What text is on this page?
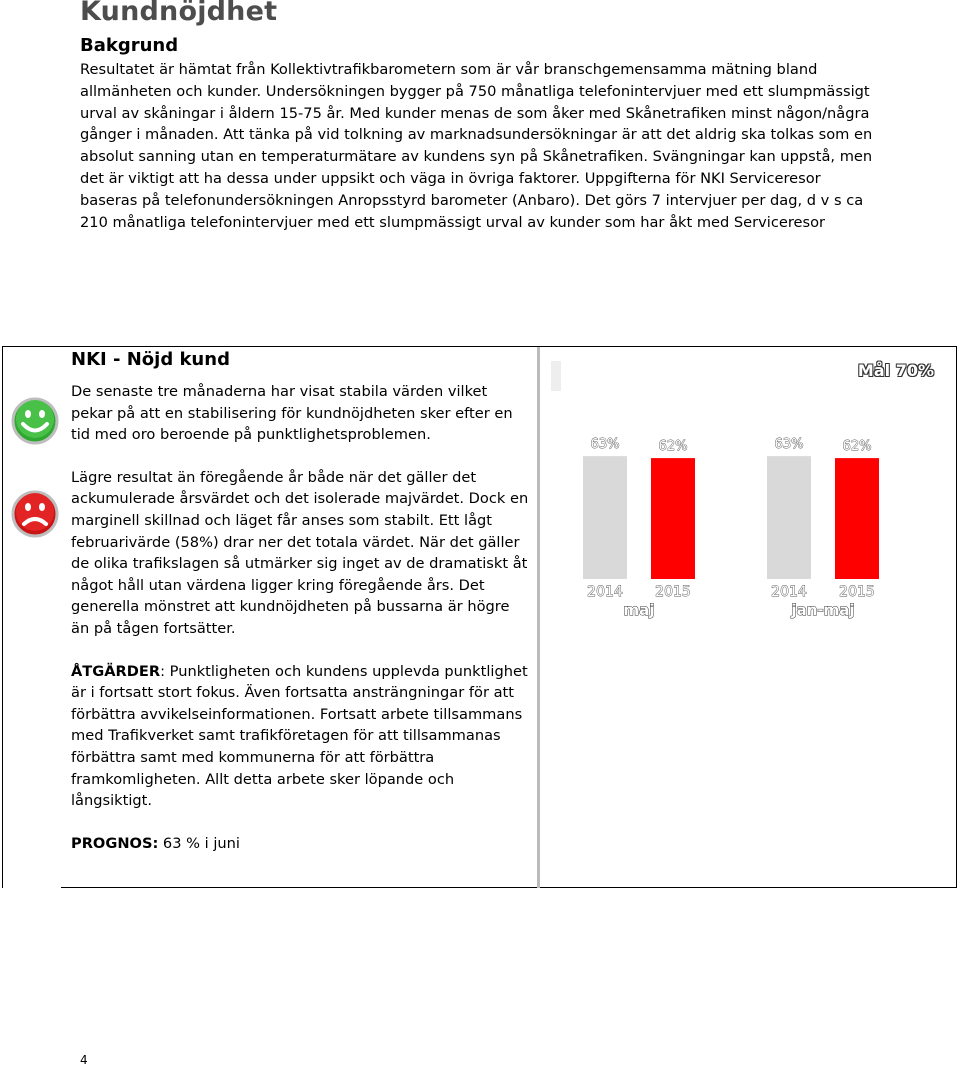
Kundnöjdhet
Bakgrund

Resultatet är hämtat från Kollektivtrafikbarometern som är vår branschgemensamma mätning bland allmänheten och kunder. Undersökningen bygger på 750 månatliga telefonintervjuer med ett slumpmässigt urval av skåningar i åldern 15-75 år. Med kunder menas de som åker med Skånetrafiken minst någon/några gånger i månaden. Att tänka på vid tolkning av marknadsundersökningar är att det aldrig ska tolkas som en absolut sanning utan en temperaturmätare av kundens syn på Skånetrafiken. Svängningar kan uppstå, men det är viktigt att ha dessa under uppsikt och väga in övriga faktorer. Uppgifterna för NKI Serviceresor baseras på telefonundersökningen Anropsstyrd barometer (Anbaro). Det görs 7 intervjuer per dag, d v s ca 210 månatliga telefonintervjuer med ett slumpmässigt urval av kunder som har åkt med Serviceresor

NKI - Nöjd kund

De senaste tre månaderna har visat stabila värden vilket pekar på att en stabilisering för kundnöjdheten sker efter en tid med oro beroende på punktlighetsproblemen.

Lägre resultat än föregående år både när det gäller det ackumulerade årsvärdet och det isolerade majvärdet. Dock en marginell skillnad och läget får anses som stabilt. Ett lågt februarivärde (58%) drar ner det totala värdet. När det gäller de olika trafikslagen så utmärker sig inget av de dramatiskt åt något håll utan värdena ligger kring föregående års. Det generella mönstret att kundnöjdheten på bussarna är högre än på tågen fortsätter.

ÅTGÄRDER: Punktligheten och kundens upplevda punktlighet är i fortsatt stort fokus. Även fortsatta ansträngningar för att förbättra avvikelseinformationen. Fortsatt arbete tillsammans med Trafikverket samt trafikföretagen för att tillsammanas förbättra samt med kommunerna för att förbättra framkomligheten. Allt detta arbete sker löpande och långsiktigt.

PROGNOS: 63 % i juni

Mål 70%
63%
2014
62%
2015
maj
63%
2014
62%
2015
jan-maj
4
